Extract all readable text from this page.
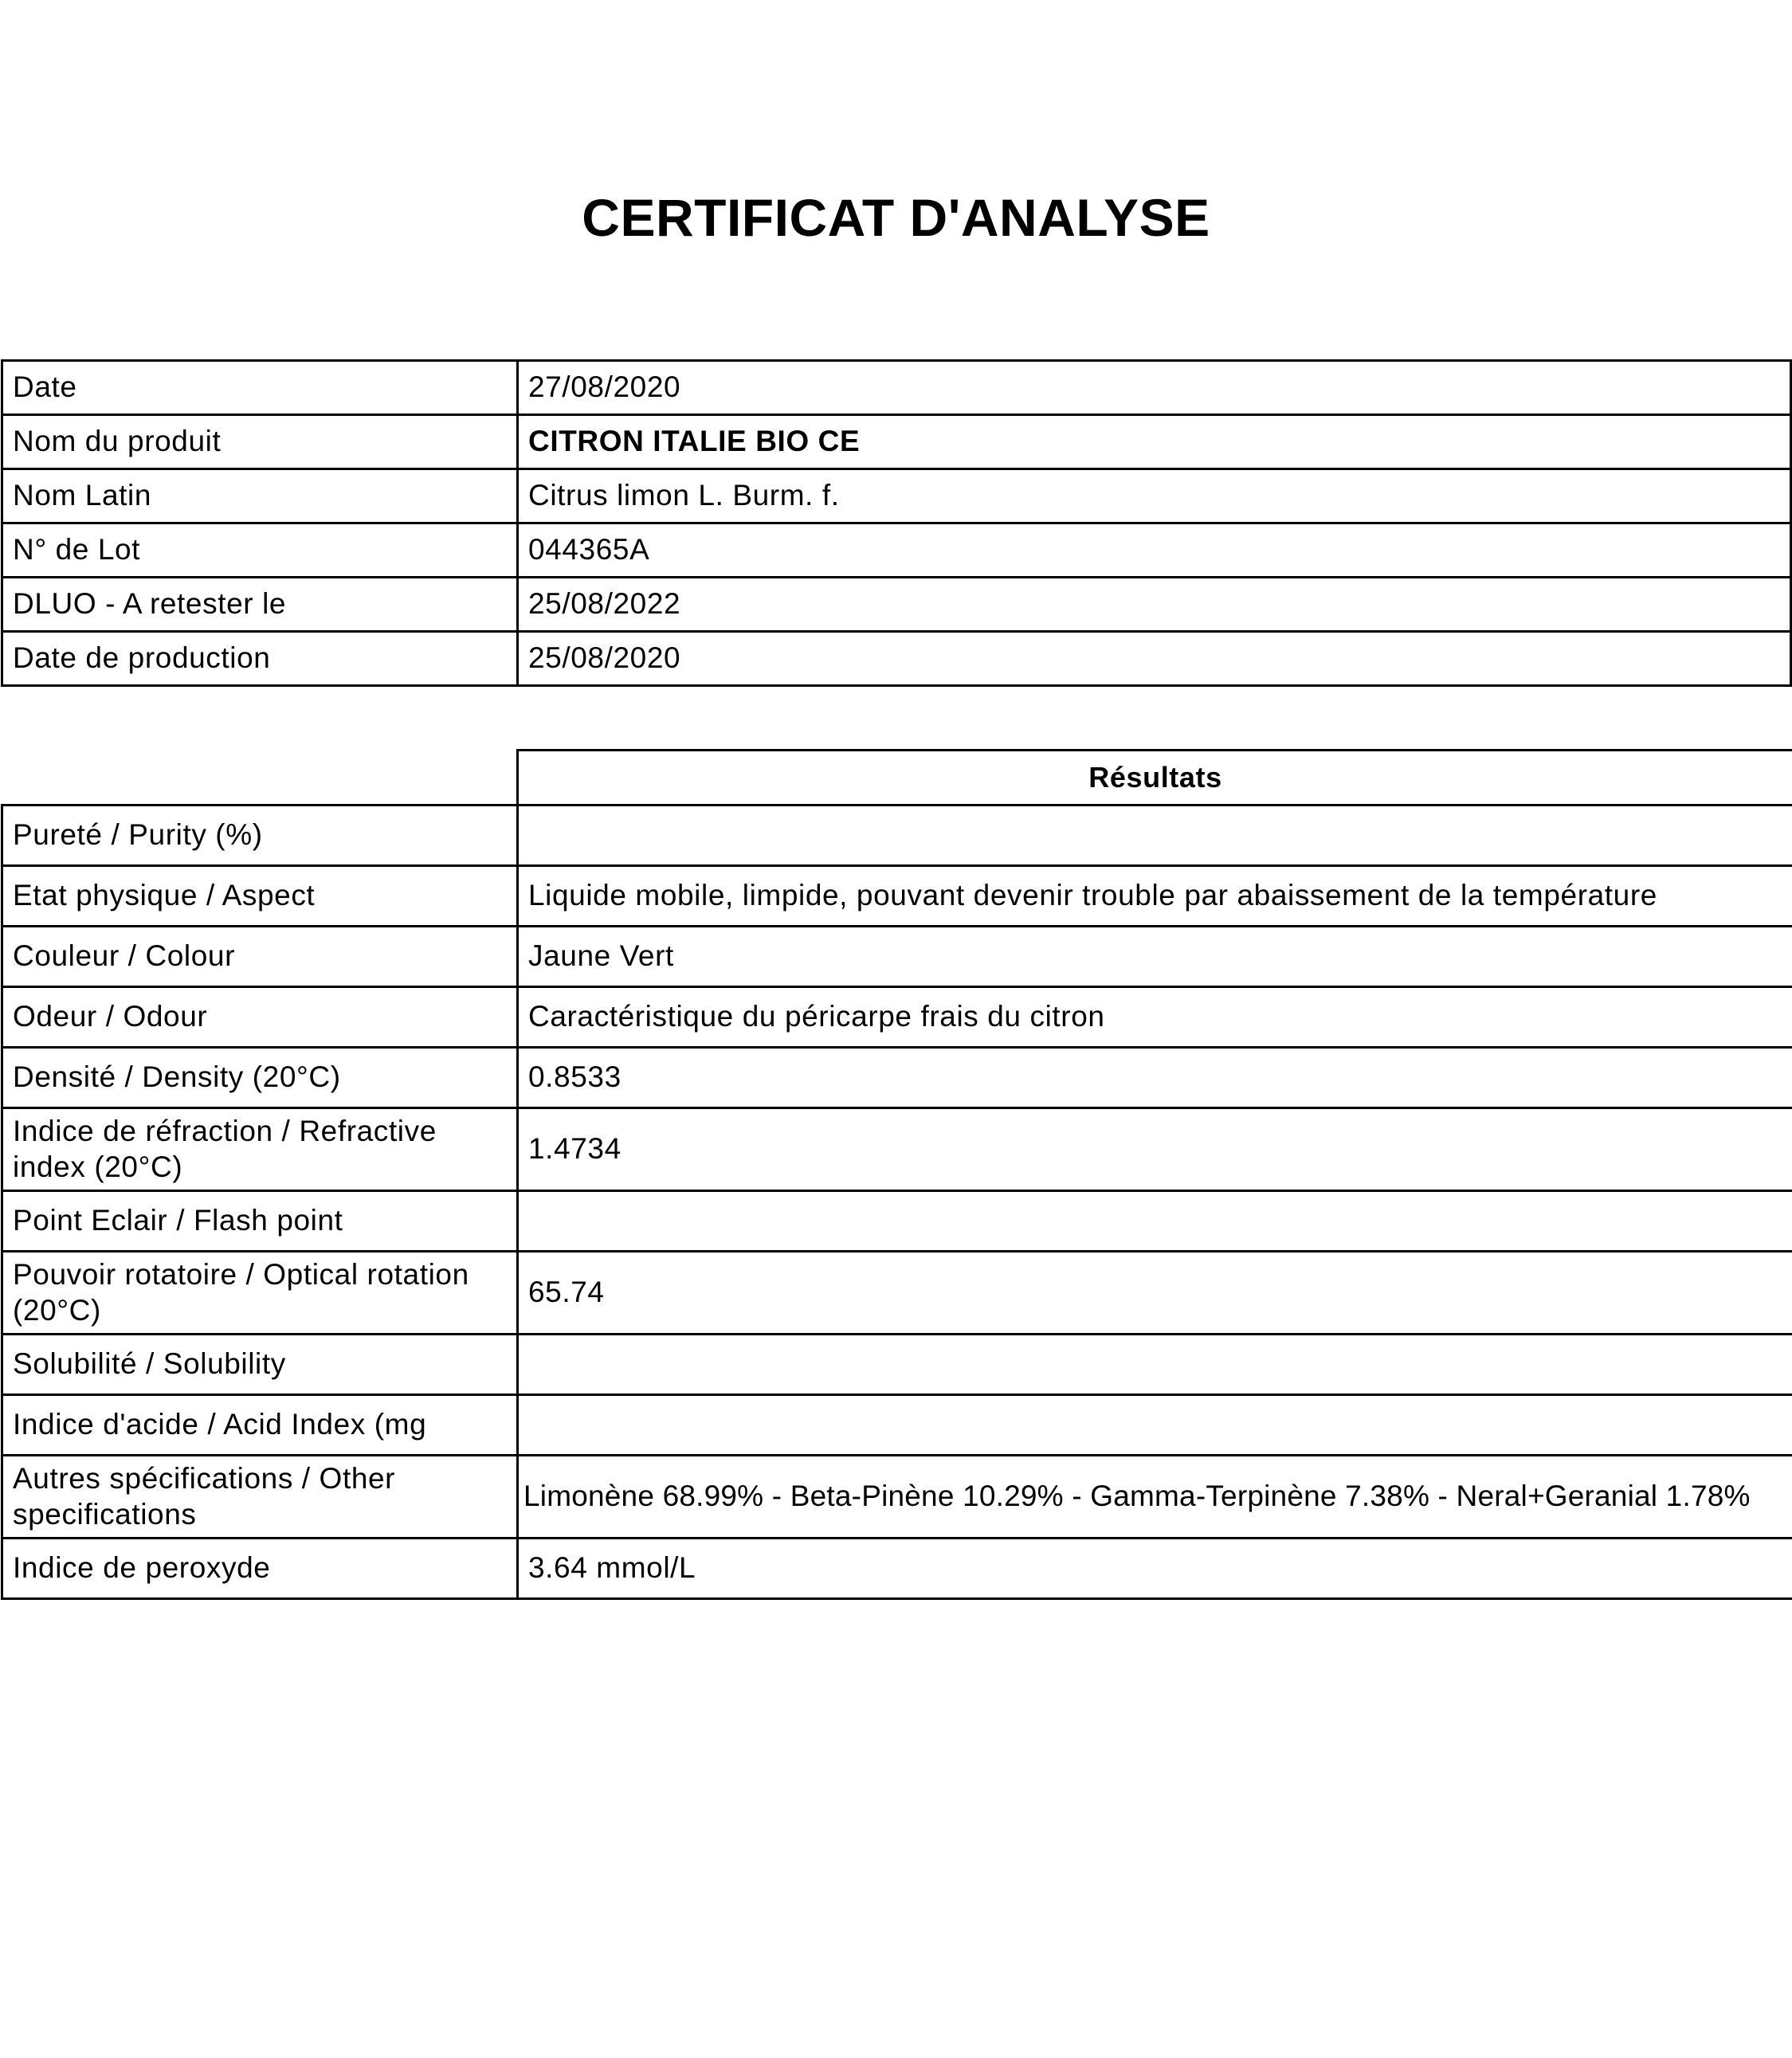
CERTIFICAT D'ANALYSE
Date	27/08/2020
Nom du produit	CITRON ITALIE BIO CE
Nom Latin	Citrus limon L. Burm. f.
N° de Lot	044365A
DLUO - A retester le	25/08/2022
Date de production	25/08/2020
	Résultats
Pureté / Purity (%)	
Etat physique / Aspect	Liquide mobile, limpide, pouvant devenir trouble par abaissement de la température
Couleur / Colour	Jaune Vert
Odeur / Odour	Caractéristique du péricarpe frais du citron
Densité / Density (20°C)	0.8533
Indice de réfraction / Refractive index (20°C)	1.4734
Point Eclair / Flash point	
Pouvoir rotatoire / Optical rotation (20°C)	65.74
Solubilité / Solubility	
Indice d'acide / Acid Index (mg	
Autres spécifications / Other specifications	Limonène 68.99% - Beta-Pinène 10.29% - Gamma-Terpinène 7.38% - Neral+Geranial 1.78%
Indice de peroxyde	3.64 mmol/L
